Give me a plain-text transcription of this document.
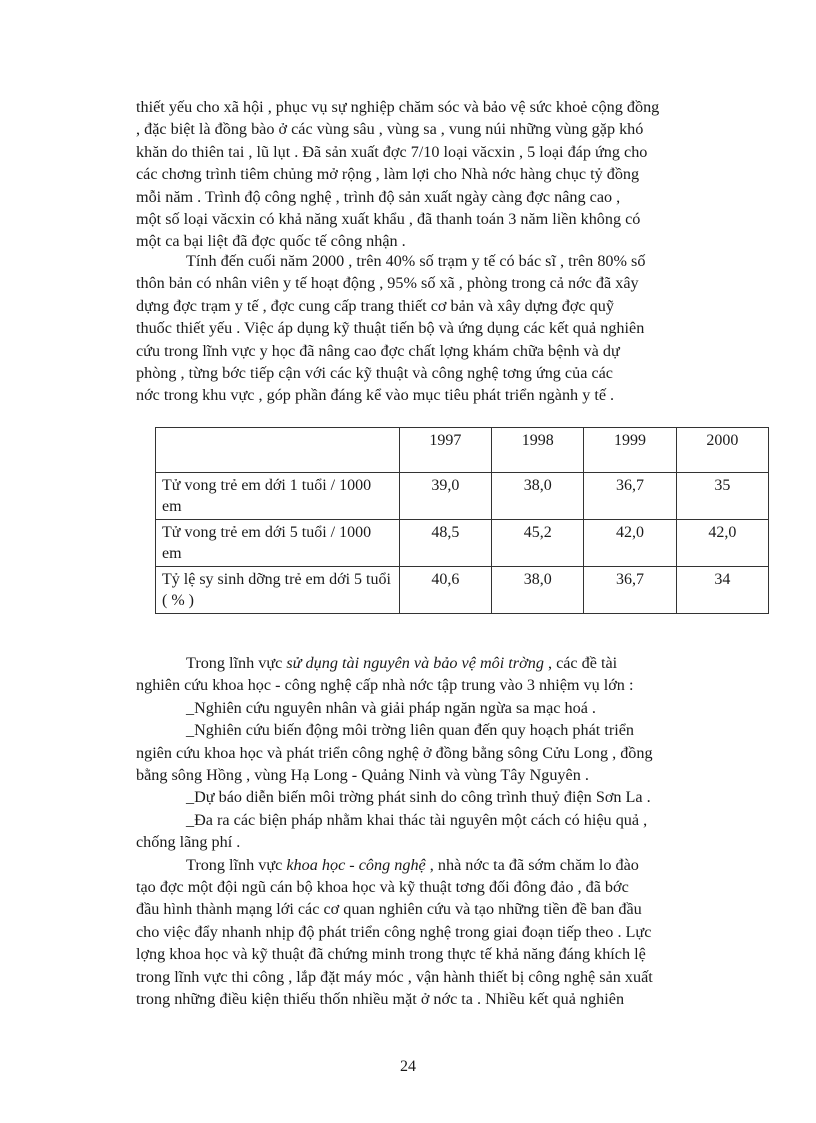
thiết yếu cho xã hội , phục vụ sự nghiệp chăm sóc và bảo vệ sức khoẻ cộng đồng
, đặc biệt là đồng bào ở các vùng sâu , vùng sa , vung núi những vùng gặp khó
khăn do thiên tai , lũ lụt . Đã sản xuất đợc 7/10 loại văcxin , 5 loại đáp ứng cho
các chơng trình tiêm chủng mở rộng , làm lợi cho Nhà nớc hàng chục tỷ đồng
mỗi năm . Trình độ công nghệ , trình độ sản xuất ngày càng đợc nâng cao ,
một số loại văcxin có khả năng xuất khẩu , đã thanh toán 3 năm liền không có
một ca bại liệt đã đợc quốc tế công nhận .
Tính đến cuối năm 2000 , trên 40% số trạm y tế có bác sĩ , trên 80% số
thôn bản có nhân viên y tế hoạt động , 95% số xã , phòng trong cả nớc đã xây
dựng đợc trạm y tế , đợc cung cấp trang thiết cơ bản và xây dựng đợc quỹ
thuốc thiết yếu . Việc áp dụng kỹ thuật tiến bộ và ứng dụng các kết quả nghiên
cứu trong lĩnh vực y học đã nâng cao đợc chất lợng khám chữa bệnh và dự
phòng , từng bớc tiếp cận với các kỹ thuật và công nghệ tơng ứng của các
nớc trong khu vực , góp phần đáng kể vào mục tiêu phát triển ngành y tế .
	1997	1998	1999	2000
Tử vong trẻ em dới 1 tuổi / 1000 em	39,0	38,0	36,7	35
Tử vong trẻ em dới 5 tuổi / 1000 em	48,5	45,2	42,0	42,0
Tỷ lệ sy sinh dỡng trẻ em dới 5 tuổi ( % )	40,6	38,0	36,7	34
Trong lĩnh vực sử dụng tài nguyên và bảo vệ môi trờng , các đề tài
nghiên cứu khoa học - công nghệ cấp nhà nớc tập trung vào 3 nhiệm vụ lớn :
_Nghiên cứu nguyên nhân và giải pháp ngăn ngừa sa mạc hoá .
_Nghiên cứu biến động môi trờng liên quan đến quy hoạch phát triển
ngiên cứu khoa học và phát triển công nghệ ở đồng bằng sông Cửu Long , đồng
bằng sông Hồng , vùng Hạ Long - Quảng Ninh và vùng Tây Nguyên .
_Dự báo diễn biến môi trờng phát sinh do công trình thuỷ điện Sơn La .
_Đa ra các biện pháp nhằm khai thác tài nguyên một cách có hiệu quả ,
chống lãng phí .
Trong lĩnh vực khoa học - công nghệ , nhà nớc ta đã sớm chăm lo đào
tạo đợc một đội ngũ cán bộ khoa học và kỹ thuật tơng đối đông đảo , đã bớc
đầu hình thành mạng lới các cơ quan nghiên cứu và tạo những tiền đề ban đầu
cho việc đẩy nhanh nhịp độ phát triển công nghệ trong giai đoạn tiếp theo . Lực
lợng khoa học và kỹ thuật đã chứng minh trong thực tế khả năng đáng khích lệ
trong lĩnh vực thi công , lắp đặt máy móc , vận hành thiết bị công nghệ sản xuất
trong những điều kiện thiếu thốn nhiều mặt ở nớc ta . Nhiều kết quả nghiên
24
